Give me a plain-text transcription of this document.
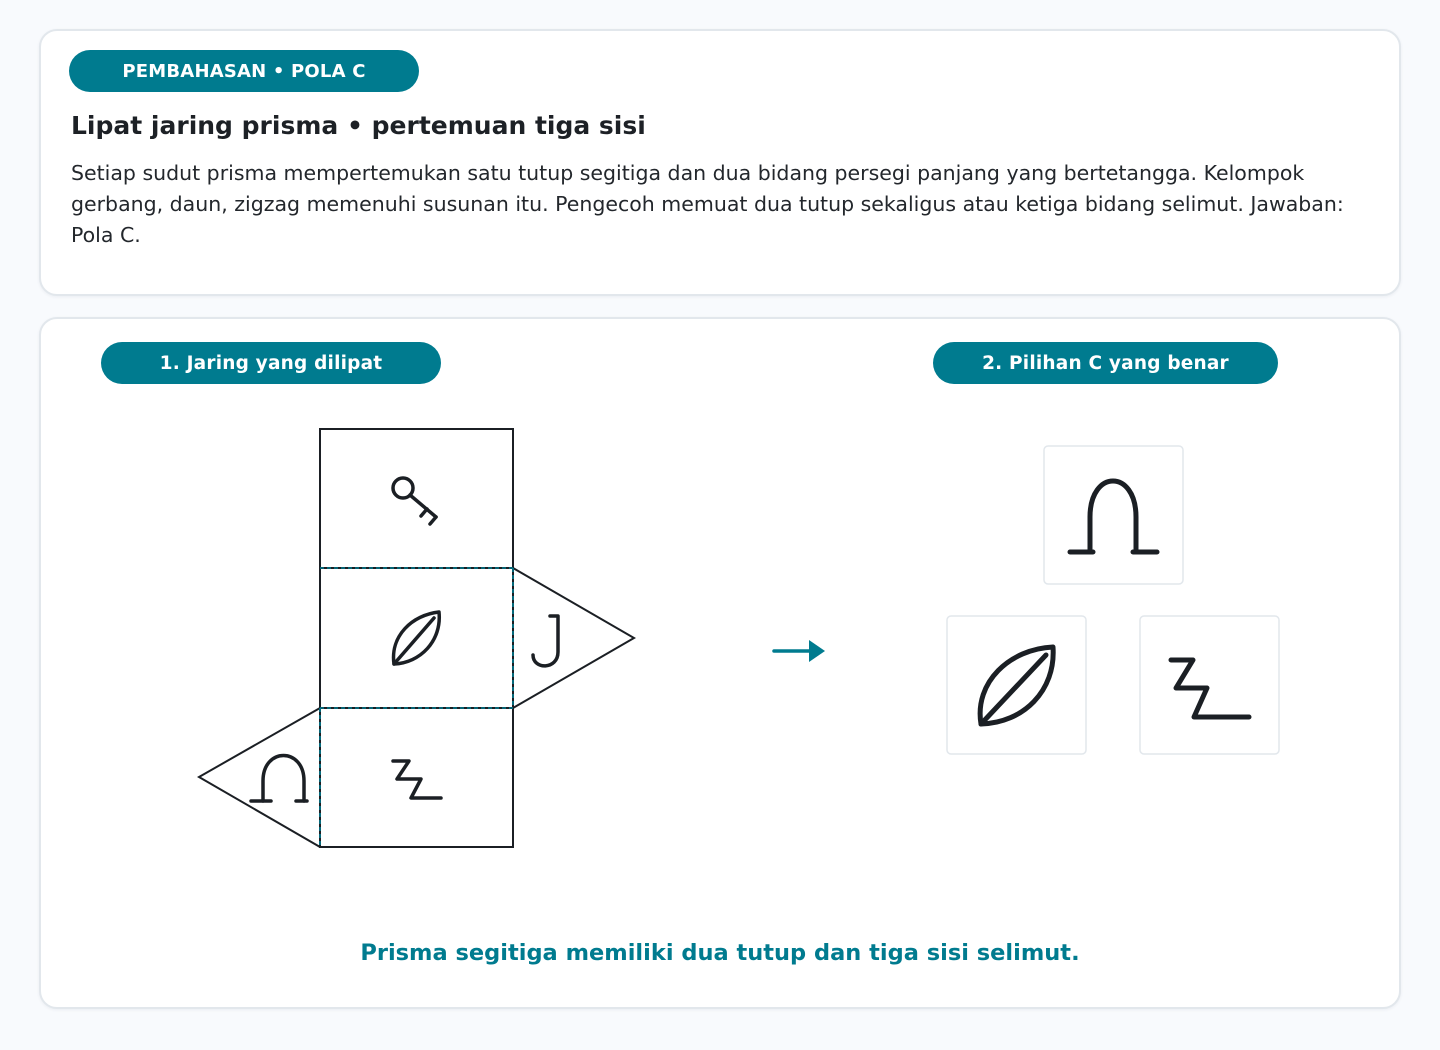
PEMBAHASAN • POLA C
Lipat jaring prisma • pertemuan tiga sisi

Setiap sudut prisma mempertemukan satu tutup segitiga dan dua bidang persegi panjang yang bertetangga. Kelompok gerbang, daun, zigzag memenuhi susunan itu. Pengecoh memuat dua tutup sekaligus atau ketiga bidang selimut. Jawaban: Pola C.

1. Jaring yang dilipat	2. Pilihan C yang benar

Prisma segitiga memiliki dua tutup dan tiga sisi selimut.
